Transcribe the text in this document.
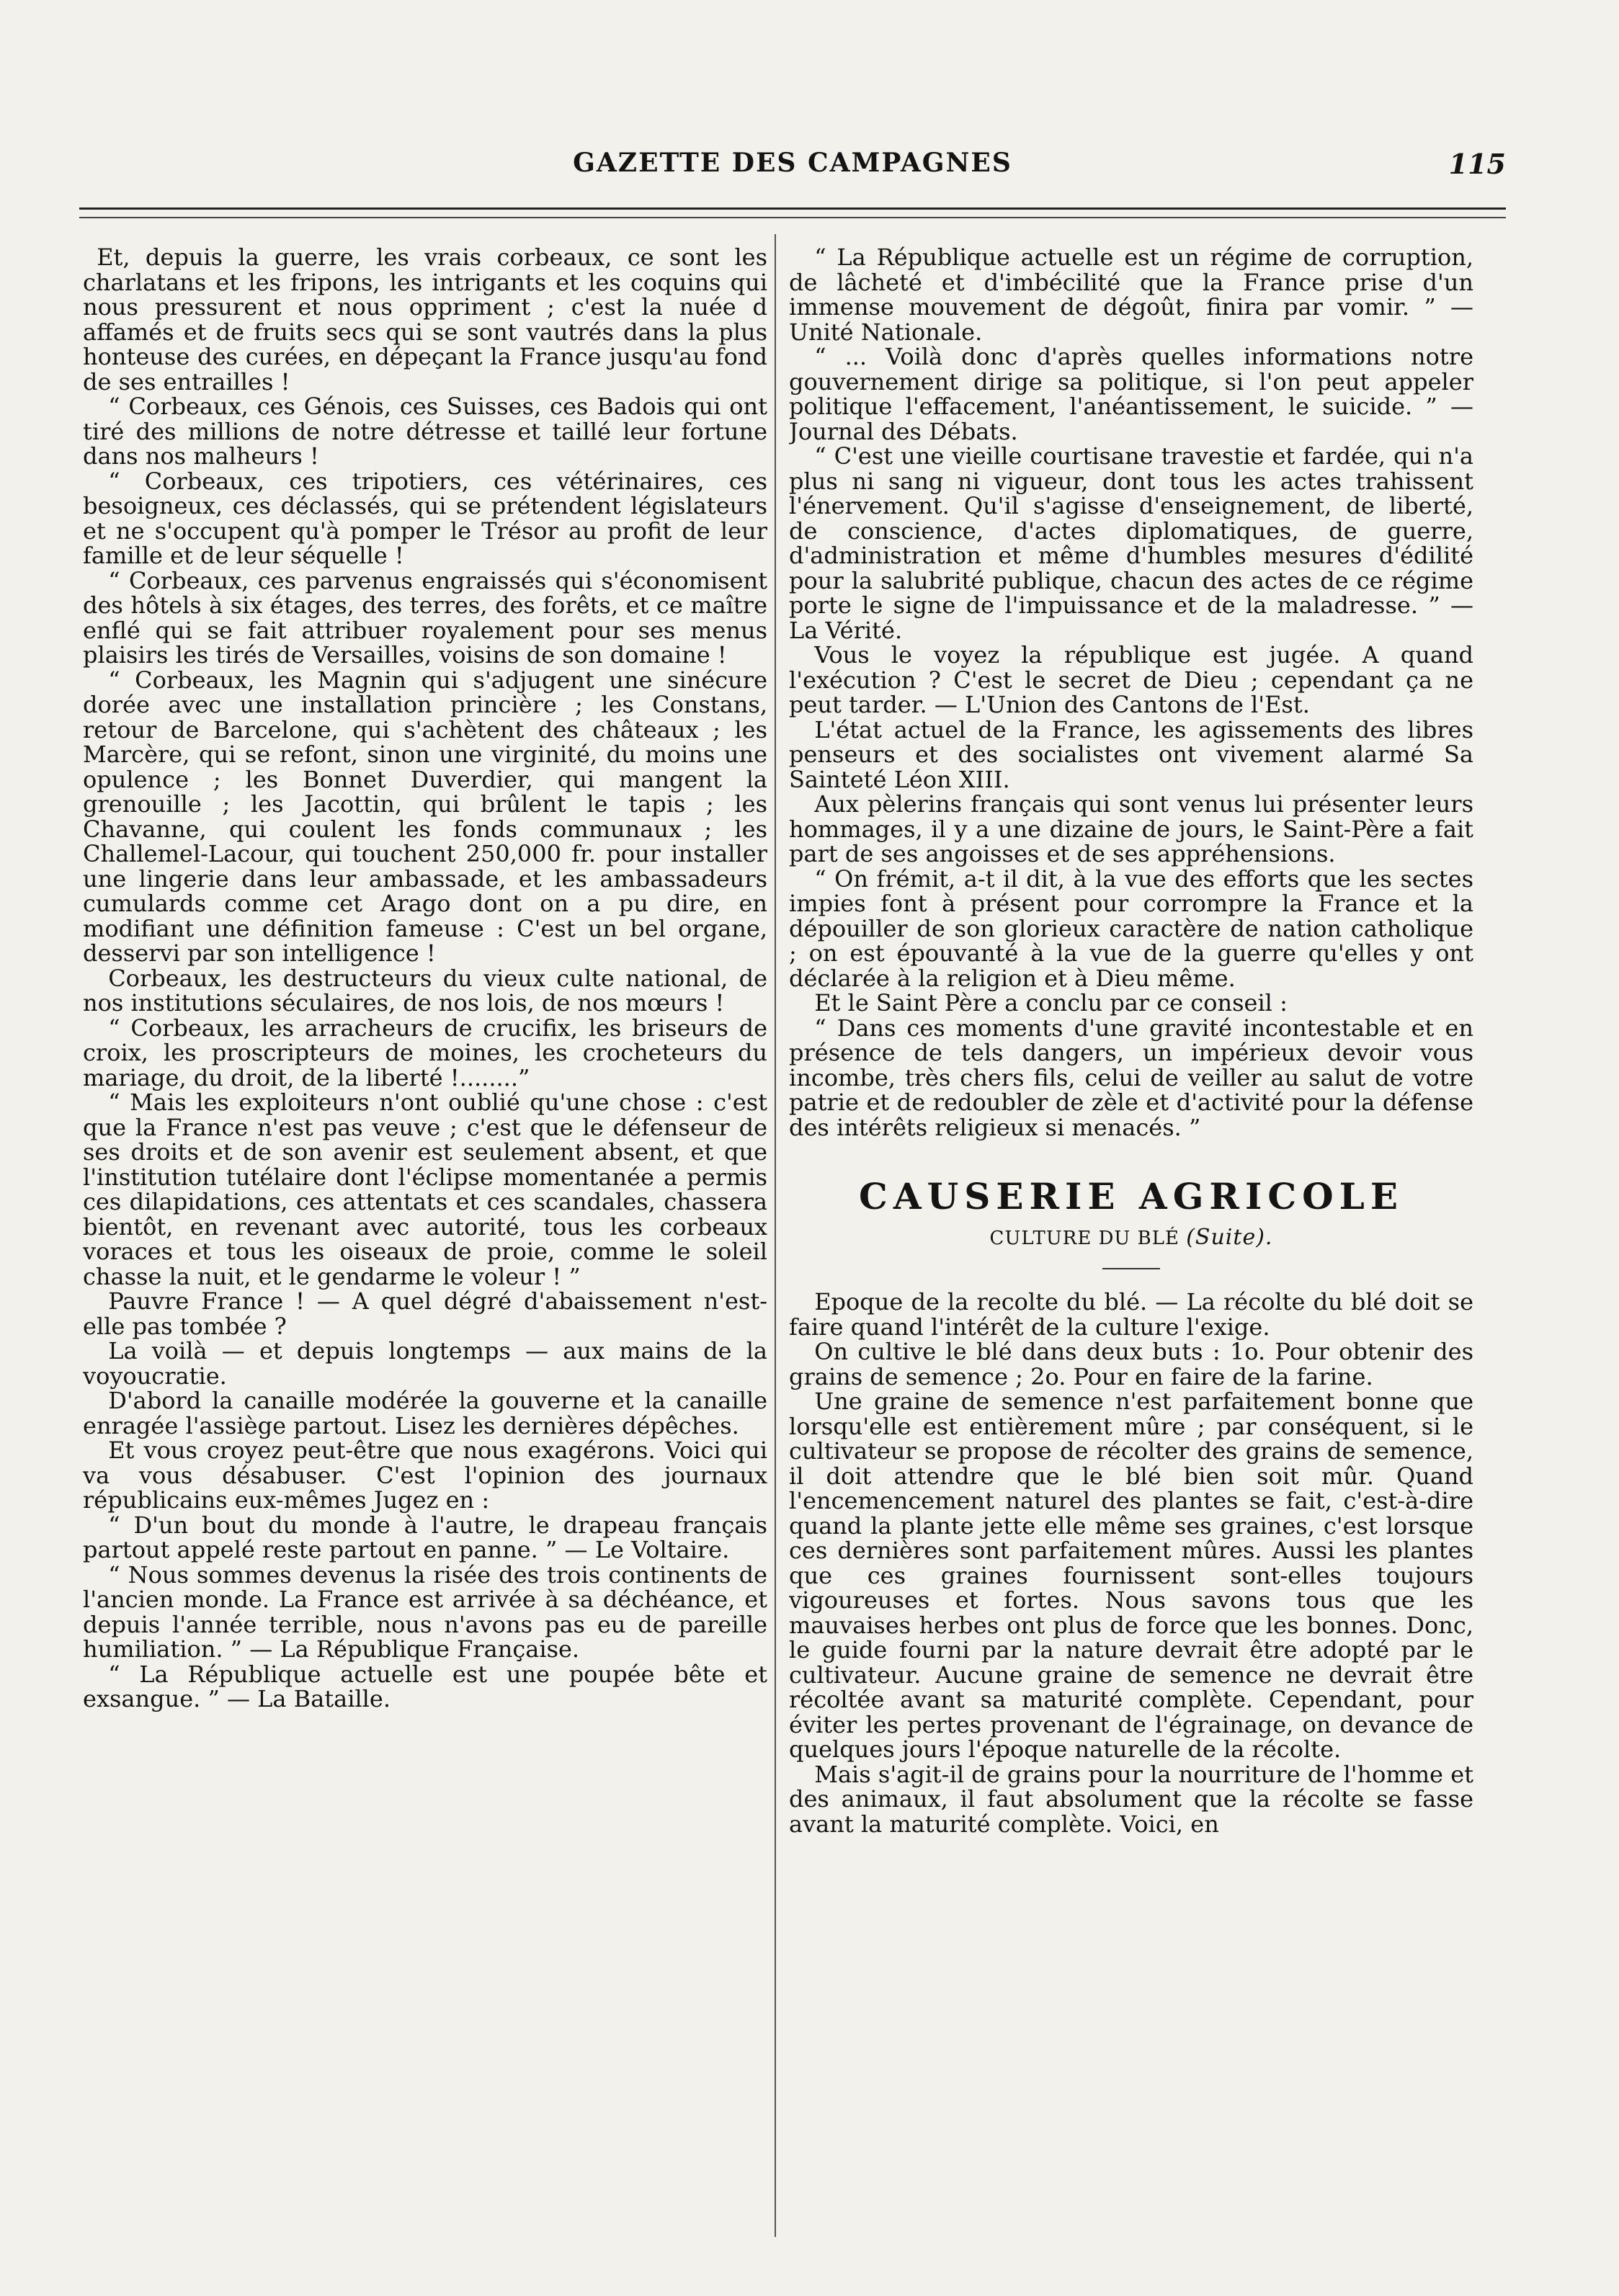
GAZETTE DES CAMPAGNES	115

Et, depuis la guerre, les vrais corbeaux, ce sont les charlatans et les fripons, les intrigants et les coquins qui nous pressurent et nous oppriment ; c'est la nuée d affamés et de fruits secs qui se sont vautrés dans la plus honteuse des curées, en dépeçant la France jusqu'au fond de ses entrailles !

“ Corbeaux, ces Génois, ces Suisses, ces Badois qui ont tiré des millions de notre détresse et taillé leur fortune dans nos malheurs !

“ Corbeaux, ces tripotiers, ces vétérinaires, ces besoigneux, ces déclassés, qui se prétendent législateurs et ne s'occupent qu'à pomper le Trésor au profit de leur famille et de leur séquelle !

“ Corbeaux, ces parvenus engraissés qui s'économisent des hôtels à six étages, des terres, des forêts, et ce maître enflé qui se fait attribuer royalement pour ses menus plaisirs les tirés de Versailles, voisins de son domaine !

“ Corbeaux, les Magnin qui s'adjugent une sinécure dorée avec une installation princière ; les Constans, retour de Barcelone, qui s'achètent des châteaux ; les Marcère, qui se refont, sinon une virginité, du moins une opulence ; les Bonnet Duverdier, qui mangent la grenouille ; les Jacottin, qui brûlent le tapis ; les Chavanne, qui coulent les fonds communaux ; les Challemel-Lacour, qui touchent 250,000 fr. pour installer une lingerie dans leur ambassade, et les ambassadeurs cumulards comme cet Arago dont on a pu dire, en modifiant une définition fameuse : C'est un bel organe, desservi par son intelligence !

Corbeaux, les destructeurs du vieux culte national, de nos institutions séculaires, de nos lois, de nos mœurs !

“ Corbeaux, les arracheurs de crucifix, les briseurs de croix, les proscripteurs de moines, les crocheteurs du mariage, du droit, de la liberté !........”

“ Mais les exploiteurs n'ont oublié qu'une chose : c'est que la France n'est pas veuve ; c'est que le défenseur de ses droits et de son avenir est seulement absent, et que l'institution tutélaire dont l'éclipse momentanée a permis ces dilapidations, ces attentats et ces scandales, chassera bientôt, en revenant avec autorité, tous les corbeaux voraces et tous les oiseaux de proie, comme le soleil chasse la nuit, et le gendarme le voleur ! ”

Pauvre France ! — A quel dégré d'abaissement n'est-elle pas tombée ?

La voilà — et depuis longtemps — aux mains de la voyoucratie.

D'abord la canaille modérée la gouverne et la canaille enragée l'assiège partout. Lisez les dernières dépêches.

Et vous croyez peut-être que nous exagérons. Voici qui va vous désabuser. C'est l'opinion des journaux républicains eux-mêmes Jugez en :

“ D'un bout du monde à l'autre, le drapeau français partout appelé reste partout en panne. ” — Le Voltaire.

“ Nous sommes devenus la risée des trois continents de l'ancien monde. La France est arrivée à sa déchéance, et depuis l'année terrible, nous n'avons pas eu de pareille humiliation. ” — La République Française.

“ La République actuelle est une poupée bête et exsangue. ” — La Bataille.

“ La République actuelle est un régime de corruption, de lâcheté et d'imbécilité que la France prise d'un immense mouvement de dégoût, finira par vomir. ” — Unité Nationale.

“ ... Voilà donc d'après quelles informations notre gouvernement dirige sa politique, si l'on peut appeler politique l'effacement, l'anéantissement, le suicide. ” — Journal des Débats.

“ C'est une vieille courtisane travestie et fardée, qui n'a plus ni sang ni vigueur, dont tous les actes trahissent l'énervement. Qu'il s'agisse d'enseignement, de liberté, de conscience, d'actes diplomatiques, de guerre, d'administration et même d'humbles mesures d'édilité pour la salubrité publique, chacun des actes de ce régime porte le signe de l'impuissance et de la maladresse. ” — La Vérité.

Vous le voyez la république est jugée. A quand l'exécution ? C'est le secret de Dieu ; cependant ça ne peut tarder. — L'Union des Cantons de l'Est.

L'état actuel de la France, les agissements des libres penseurs et des socialistes ont vivement alarmé Sa Sainteté Léon XIII.

Aux pèlerins français qui sont venus lui présenter leurs hommages, il y a une dizaine de jours, le Saint-Père a fait part de ses angoisses et de ses appréhensions.

“ On frémit, a-t il dit, à la vue des efforts que les sectes impies font à présent pour corrompre la France et la dépouiller de son glorieux caractère de nation catholique ; on est épouvanté à la vue de la guerre qu'elles y ont déclarée à la religion et à Dieu même.

Et le Saint Père a conclu par ce conseil :

“ Dans ces moments d'une gravité incontestable et en présence de tels dangers, un impérieux devoir vous incombe, très chers fils, celui de veiller au salut de votre patrie et de redoubler de zèle et d'activité pour la défense des intérêts religieux si menacés. ”

CAUSERIE AGRICOLE
CULTURE DU BLÉ (Suite).

Epoque de la recolte du blé. — La récolte du blé doit se faire quand l'intérêt de la culture l'exige.

On cultive le blé dans deux buts : 1o. Pour obtenir des grains de semence ; 2o. Pour en faire de la farine.

Une graine de semence n'est parfaitement bonne que lorsqu'elle est entièrement mûre ; par conséquent, si le cultivateur se propose de récolter des grains de semence, il doit attendre que le blé bien soit mûr. Quand l'encemencement naturel des plantes se fait, c'est-à-dire quand la plante jette elle même ses graines, c'est lorsque ces dernières sont parfaitement mûres. Aussi les plantes que ces graines fournissent sont-elles toujours vigoureuses et fortes. Nous savons tous que les mauvaises herbes ont plus de force que les bonnes. Donc, le guide fourni par la nature devrait être adopté par le cultivateur. Aucune graine de semence ne devrait être récoltée avant sa maturité complète. Cependant, pour éviter les pertes provenant de l'égrainage, on devance de quelques jours l'époque naturelle de la récolte.

Mais s'agit-il de grains pour la nourriture de l'homme et des animaux, il faut absolument que la récolte se fasse avant la maturité complète. Voici, en
